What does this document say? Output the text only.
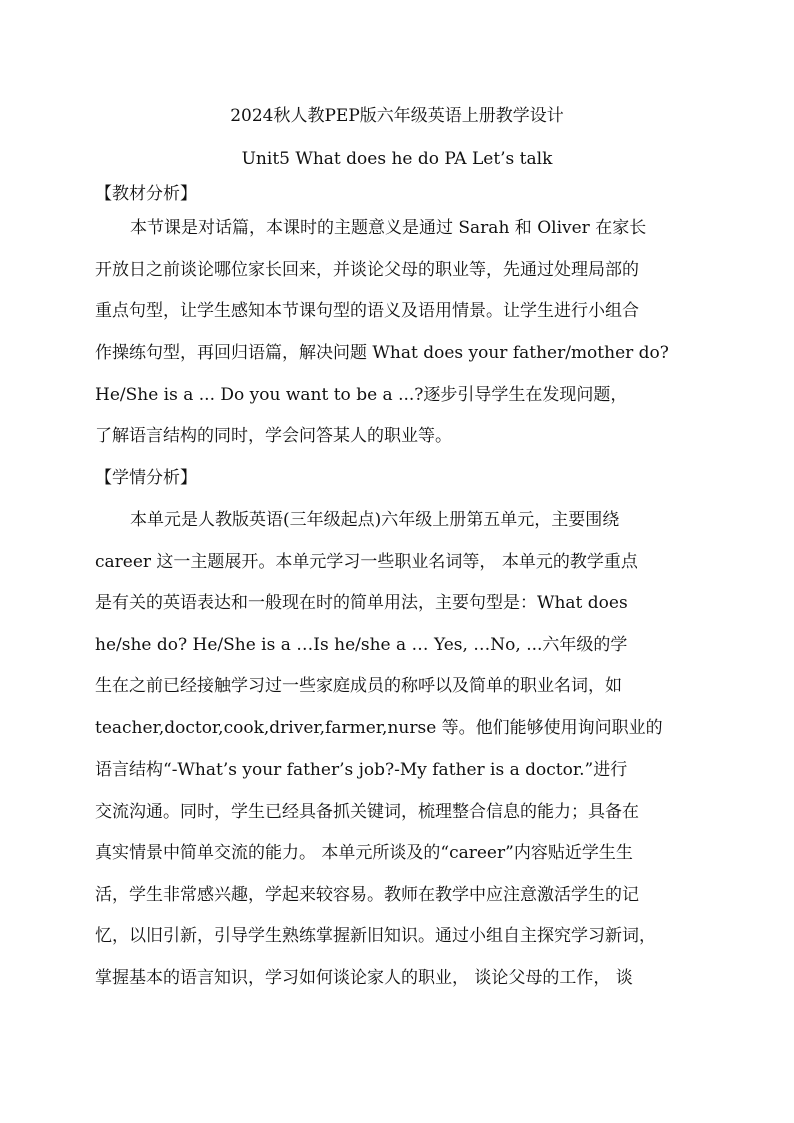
2024秋人教PEP版六年级英语上册教学设计
Unit5 What does he do PA Let’s talk
【教材分析】
本节课是对话篇，本课时的主题意义是通过 Sarah 和 Oliver 在家长
开放日之前谈论哪位家长回来，并谈论父母的职业等，先通过处理局部的
重点句型，让学生感知本节课句型的语义及语用情景。让学生进行小组合
作操练句型，再回归语篇，解决问题 What does your father/mother do?
He/She is a ... Do you want to be a ...?逐步引导学生在发现问题，
了解语言结构的同时，学会问答某人的职业等。
【学情分析】
本单元是人教版英语(三年级起点)六年级上册第五单元，主要围绕
career 这一主题展开。本单元学习一些职业名词等， 本单元的教学重点
是有关的英语表达和一般现在时的简单用法，主要句型是：What does
he/she do? He/She is a …Is he/she a … Yes, …No, ...六年级的学
生在之前已经接触学习过一些家庭成员的称呼以及简单的职业名词，如
teacher,doctor,cook,driver,farmer,nurse 等。他们能够使用询问职业的
语言结构“-What’s your father’s job?-My father is a doctor.”进行
交流沟通。同时，学生已经具备抓关键词，梳理整合信息的能力；具备在
真实情景中简单交流的能力。 本单元所谈及的“career”内容贴近学生生
活，学生非常感兴趣，学起来较容易。教师在教学中应注意激活学生的记
忆，以旧引新，引导学生熟练掌握新旧知识。通过小组自主探究学习新词，
掌握基本的语言知识，学习如何谈论家人的职业， 谈论父母的工作， 谈
